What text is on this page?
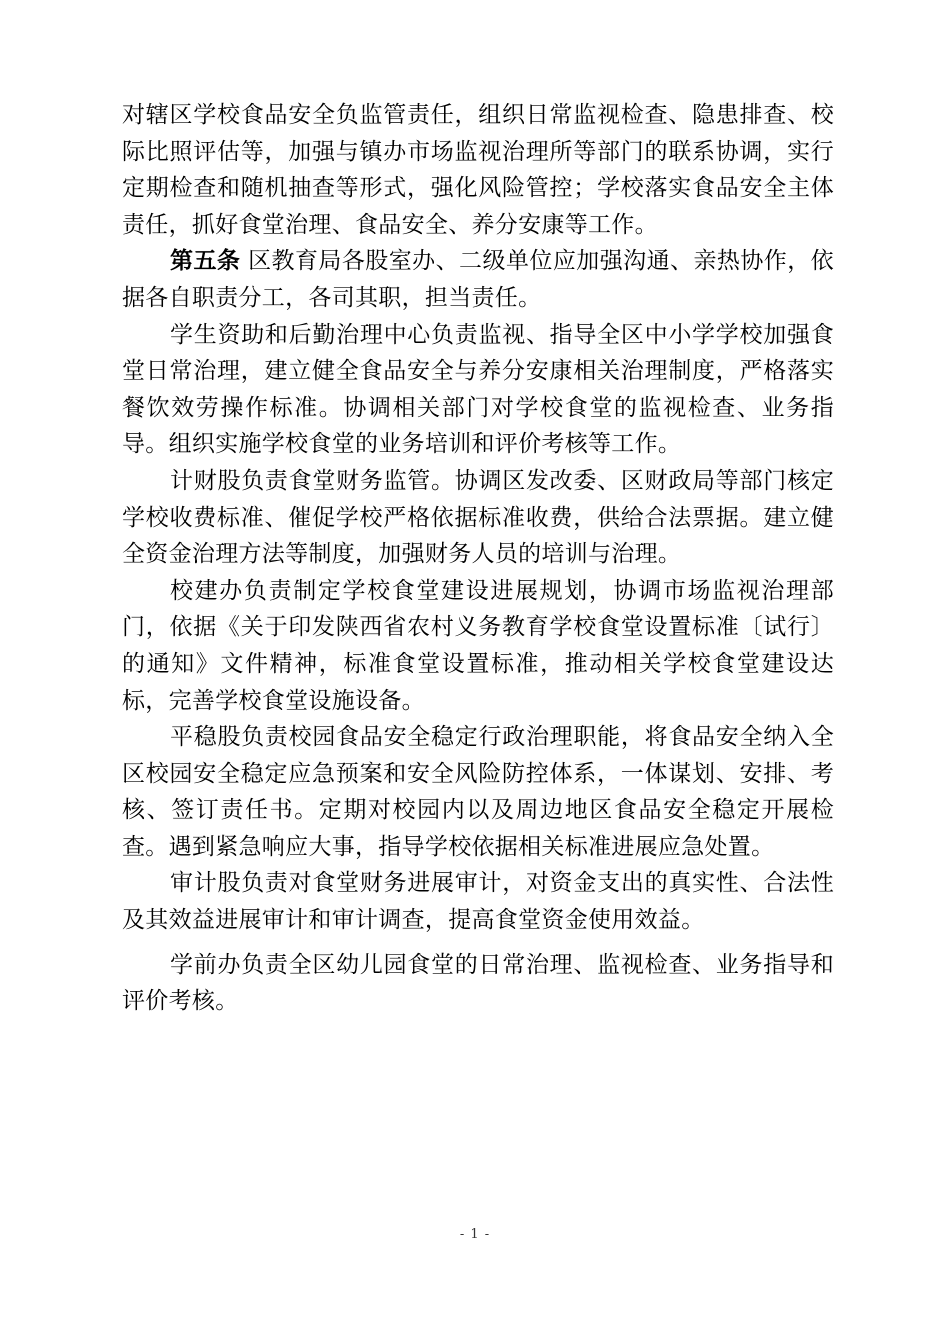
对辖区学校食品安全负监管责任，组织日常监视检查、隐患排查、校际比照评估等，加强与镇办市场监视治理所等部门的联系协调，实行定期检查和随机抽查等形式，强化风险管控；学校落实食品安全主体责任，抓好食堂治理、食品安全、养分安康等工作。

第五条 区教育局各股室办、二级单位应加强沟通、亲热协作，依据各自职责分工，各司其职，担当责任。

学生资助和后勤治理中心负责监视、指导全区中小学学校加强食堂日常治理，建立健全食品安全与养分安康相关治理制度，严格落实餐饮效劳操作标准。协调相关部门对学校食堂的监视检查、业务指导。组织实施学校食堂的业务培训和评价考核等工作。

计财股负责食堂财务监管。协调区发改委、区财政局等部门核定学校收费标准、催促学校严格依据标准收费，供给合法票据。建立健全资金治理方法等制度，加强财务人员的培训与治理。

校建办负责制定学校食堂建设进展规划，协调市场监视治理部门，依据《关于印发陕西省农村义务教育学校食堂设置标准〔试行〕的通知》文件精神，标准食堂设置标准，推动相关学校食堂建设达标，完善学校食堂设施设备。

平稳股负责校园食品安全稳定行政治理职能，将食品安全纳入全区校园安全稳定应急预案和安全风险防控体系，一体谋划、安排、考核、签订责任书。定期对校园内以及周边地区食品安全稳定开展检查。遇到紧急响应大事，指导学校依据相关标准进展应急处置。

审计股负责对食堂财务进展审计，对资金支出的真实性、合法性及其效益进展审计和审计调查，提高食堂资金使用效益。

学前办负责全区幼儿园食堂的日常治理、监视检查、业务指导和评价考核。

- 1 -
